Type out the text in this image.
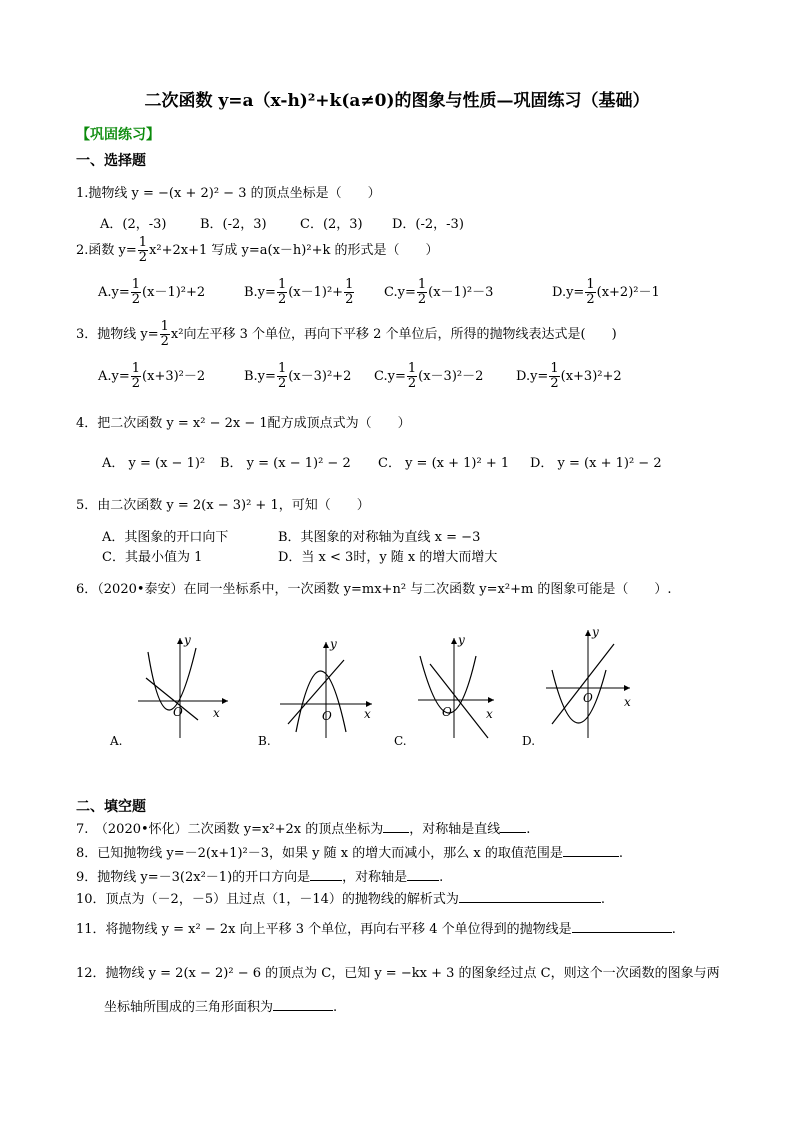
二次函数 y=a（x-h)²+k(a≠0)的图象与性质—巩固练习（基础）
【巩固练习】
一、选择题
1.抛物线 y = −(x + 2)² − 3 的顶点坐标是（　　）
A．(2，-3)	B．(-2，3)	C．(2，3) D．(-2，-3)
2.函数 $y= \frac{1}{2} x^2+2x+1$ 写成 y=a(x－h)²+k 的形式是（　　）
$A.y= \frac{1}{2} (x-1)^2+2$	$B.y= \frac{1}{2} (x-1)^2+ \frac{1}{2} C.y= \frac{1}{2} (x-1)^2-3$	$D.y= \frac{1}{2} (x+2)^2-1$
3．抛物线 $y= \frac{1}{2} x^2$向左平移 3 个单位，再向下平移 2 个单位后，所得的抛物线表达式是(　　)
$A.y= \frac{1}{2} (x+3)^2-2$	$B.y= \frac{1}{2} (x-3)^2+2$ $C.y= \frac{1}{2} (x-3)^2-2$	$D.y= \frac{1}{2} (x+3)^2+2$
4．把二次函数 y = x² − 2x − 1配方成顶点式为（　　）
A． y = (x − 1)² B． y = (x − 1)² − 2 C． y = (x + 1)² + 1 D． y = (x + 1)² − 2
5．由二次函数 y = 2(x − 3)² + 1，可知（　　）
A．其图象的开口向下	B．其图象的对称轴为直线 x = −3
C．其最小值为 1	D．当 x < 3时，y 随 x 的增大而增大
6．（2020•泰安）在同一坐标系中，一次函数 y=mx+n² 与二次函数 y=x²+m 的图象可能是（　　）.
y
x
O
y
x
O
y
x
O
y
x
O
A.	B.	C.	D.
二、填空题
7.　（2020•怀化）二次函数 y=x²+2x 的顶点坐标为 ，对称轴是直线 .
8．已知抛物线 y=－2(x+1)²－3，如果 y 随 x 的增大而减小，那么 x 的取值范围是	.
9．抛物线 y=－3(2x²－1)的开口方向是 ，对称轴是 .
10．顶点为（－2，－5）且过点（1，－14）的抛物线的解析式为	.
11．将抛物线 y = x² − 2x 向上平移 3 个单位，再向右平移 4 个单位得到的抛物线是	.
12．抛物线 y = 2(x − 2)² − 6 的顶点为 C，已知 y = −kx + 3 的图象经过点 C，则这个一次函数的图象与两
坐标轴所围成的三角形面积为	.
